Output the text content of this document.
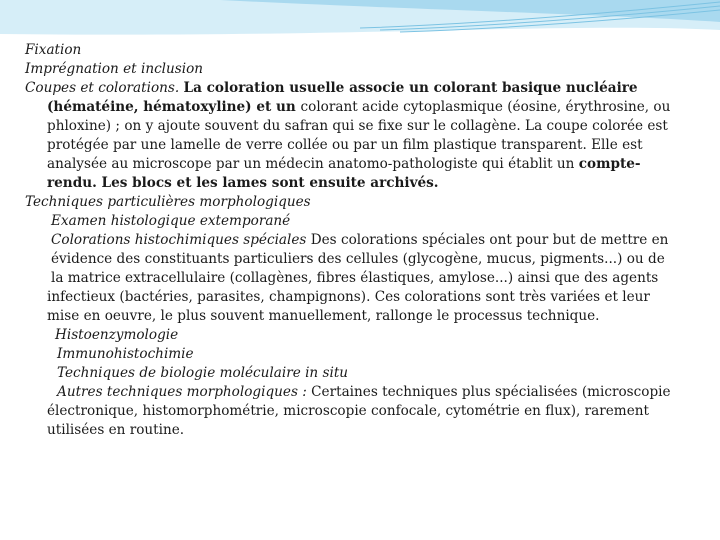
Fixation
Imprégnation et inclusion
Coupes et colorations. La coloration usuelle associe un colorant basique nucléaire
(hématéine, hématoxyline) et un colorant acide cytoplasmique (éosine, érythrosine, ou
phloxine) ; on y ajoute souvent du safran qui se fixe sur le collagène. La coupe colorée est
protégée par une lamelle de verre collée ou par un film plastique transparent. Elle est
analysée au microscope par un médecin anatomo-pathologiste qui établit un compte-
rendu. Les blocs et les lames sont ensuite archivés.
Techniques particulières morphologiques
Examen histologique extemporané
Colorations histochimiques spéciales Des colorations spéciales ont pour but de mettre en
évidence des constituants particuliers des cellules (glycogène, mucus, pigments...) ou de
la matrice extracellulaire (collagènes, fibres élastiques, amylose...) ainsi que des agents
infectieux (bactéries, parasites, champignons). Ces colorations sont très variées et leur
mise en oeuvre, le plus souvent manuellement, rallonge le processus technique.
Histoenzymologie
Immunohistochimie
Techniques de biologie moléculaire in situ
Autres techniques morphologiques : Certaines techniques plus spécialisées (microscopie
électronique, histomorphométrie, microscopie confocale, cytométrie en flux), rarement
utilisées en routine.
